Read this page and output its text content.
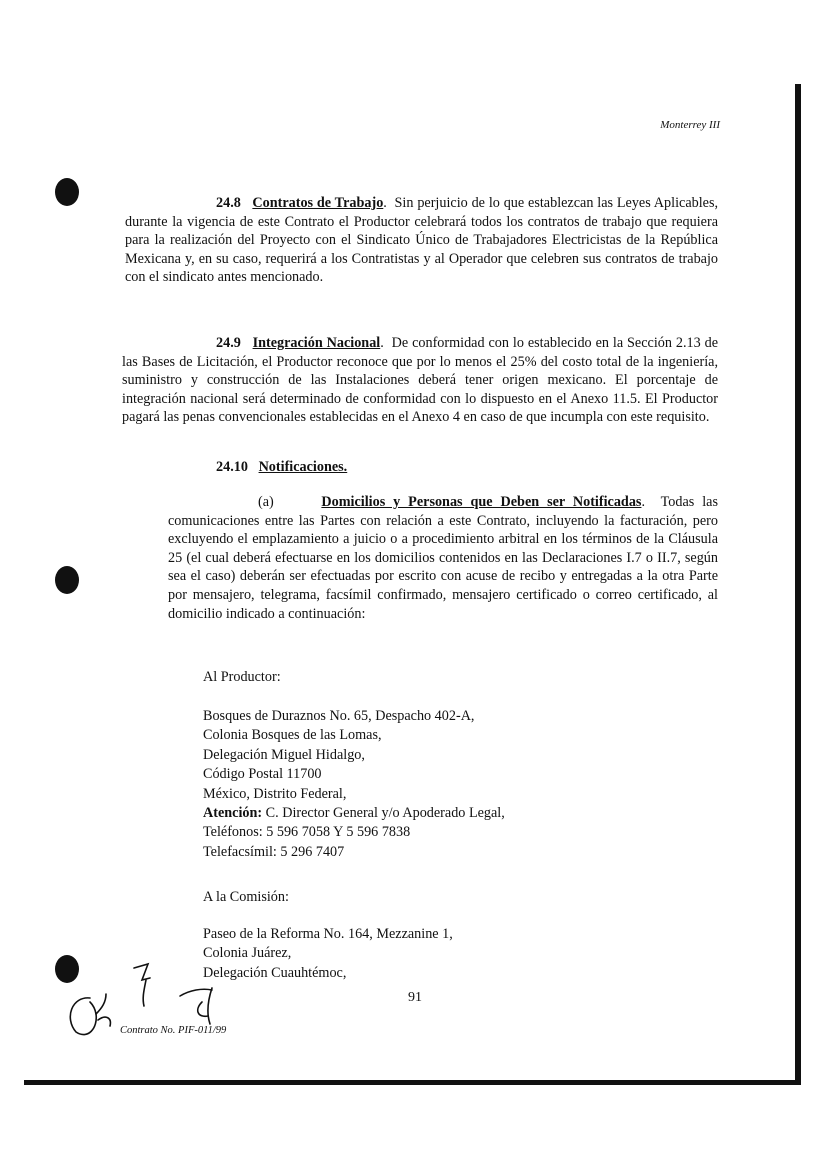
Monterrey III

24.8 Contratos de Trabajo.  Sin perjuicio de lo que establezcan las Leyes Aplicables, durante la vigencia de este Contrato el Productor celebrará todos los contratos de trabajo que requiera para la realización del Proyecto con el Sindicato Único de Trabajadores Electricistas de la República Mexicana y, en su caso, requerirá a los Contratistas y al Operador que celebren sus contratos de trabajo con el sindicato antes mencionado.

24.9 Integración Nacional.  De conformidad con lo establecido en la Sección 2.13 de las Bases de Licitación, el Productor reconoce que por lo menos el 25% del costo total de la ingeniería, suministro y construcción de las Instalaciones deberá tener origen mexicano. El porcentaje de integración nacional será determinado de conformidad con lo dispuesto en el Anexo 11.5. El Productor pagará las penas convencionales establecidas en el Anexo 4 en caso de que incumpla con este requisito.

24.10 Notificaciones.

(a)	Domicilios y Personas que Deben ser Notificadas.  Todas las comunicaciones entre las Partes con relación a este Contrato, incluyendo la facturación, pero excluyendo el emplazamiento a juicio o a procedimiento arbitral en los términos de la Cláusula 25 (el cual deberá efectuarse en los domicilios contenidos en las Declaraciones I.7 o II.7, según sea el caso) deberán ser efectuadas por escrito con acuse de recibo y entregadas a la otra Parte por mensajero, telegrama, facsímil confirmado, mensajero certificado o correo certificado, al domicilio indicado a continuación:

Al Productor:
Bosques de Duraznos No. 65, Despacho 402-A,
Colonia Bosques de las Lomas,
Delegación Miguel Hidalgo,
Código Postal 11700
México, Distrito Federal,
Atención: C. Director General y/o Apoderado Legal,
Teléfonos: 5 596 7058 Y 5 596 7838
Telefacsímil: 5 296 7407
A la Comisión:
Paseo de la Reforma No. 164, Mezzanine 1,
Colonia Juárez,
Delegación Cuauhtémoc,
91
Contrato No. PIF-011/99
